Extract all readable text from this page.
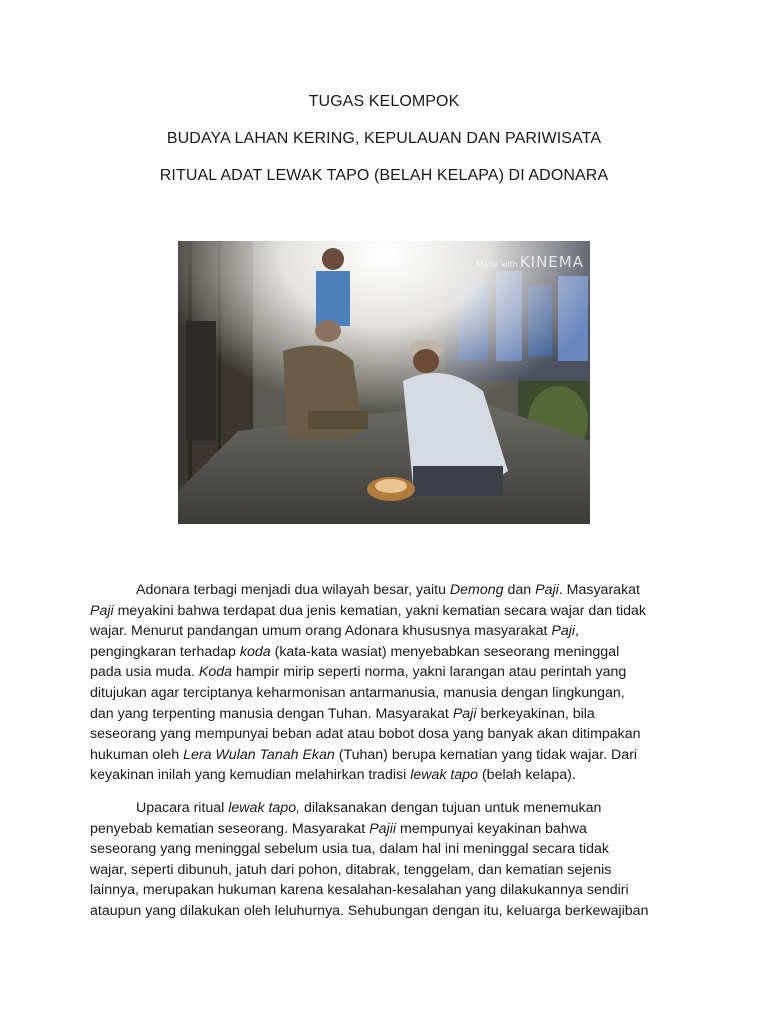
TUGAS KELOMPOK

BUDAYA LAHAN KERING, KEPULAUAN DAN PARIWISATA

RITUAL ADAT LEWAK TAPO (BELAH KELAPA) DI ADONARA

Made with KINEMA

Adonara terbagi menjadi dua wilayah besar, yaitu Demong dan Paji. Masyarakat
Paji meyakini bahwa terdapat dua jenis kematian, yakni kematian secara wajar dan tidak
wajar. Menurut pandangan umum orang Adonara khususnya masyarakat Paji,
pengingkaran terhadap koda (kata-kata wasiat) menyebabkan seseorang meninggal
pada usia muda. Koda hampir mirip seperti norma, yakni larangan atau perintah yang
ditujukan agar terciptanya keharmonisan antarmanusia, manusia dengan lingkungan,
dan yang terpenting manusia dengan Tuhan. Masyarakat Paji berkeyakinan, bila
seseorang yang mempunyai beban adat atau bobot dosa yang banyak akan ditimpakan
hukuman oleh Lera Wulan Tanah Ekan (Tuhan) berupa kematian yang tidak wajar. Dari
keyakinan inilah yang kemudian melahirkan tradisi lewak tapo (belah kelapa).

Upacara ritual lewak tapo, dilaksanakan dengan tujuan untuk menemukan
penyebab kematian seseorang. Masyarakat Pajii mempunyai keyakinan bahwa
seseorang yang meninggal sebelum usia tua, dalam hal ini meninggal secara tidak
wajar, seperti dibunuh, jatuh dari pohon, ditabrak, tenggelam, dan kematian sejenis
lainnya, merupakan hukuman karena kesalahan-kesalahan yang dilakukannya sendiri
ataupun yang dilakukan oleh leluhurnya. Sehubungan dengan itu, keluarga berkewajiban
